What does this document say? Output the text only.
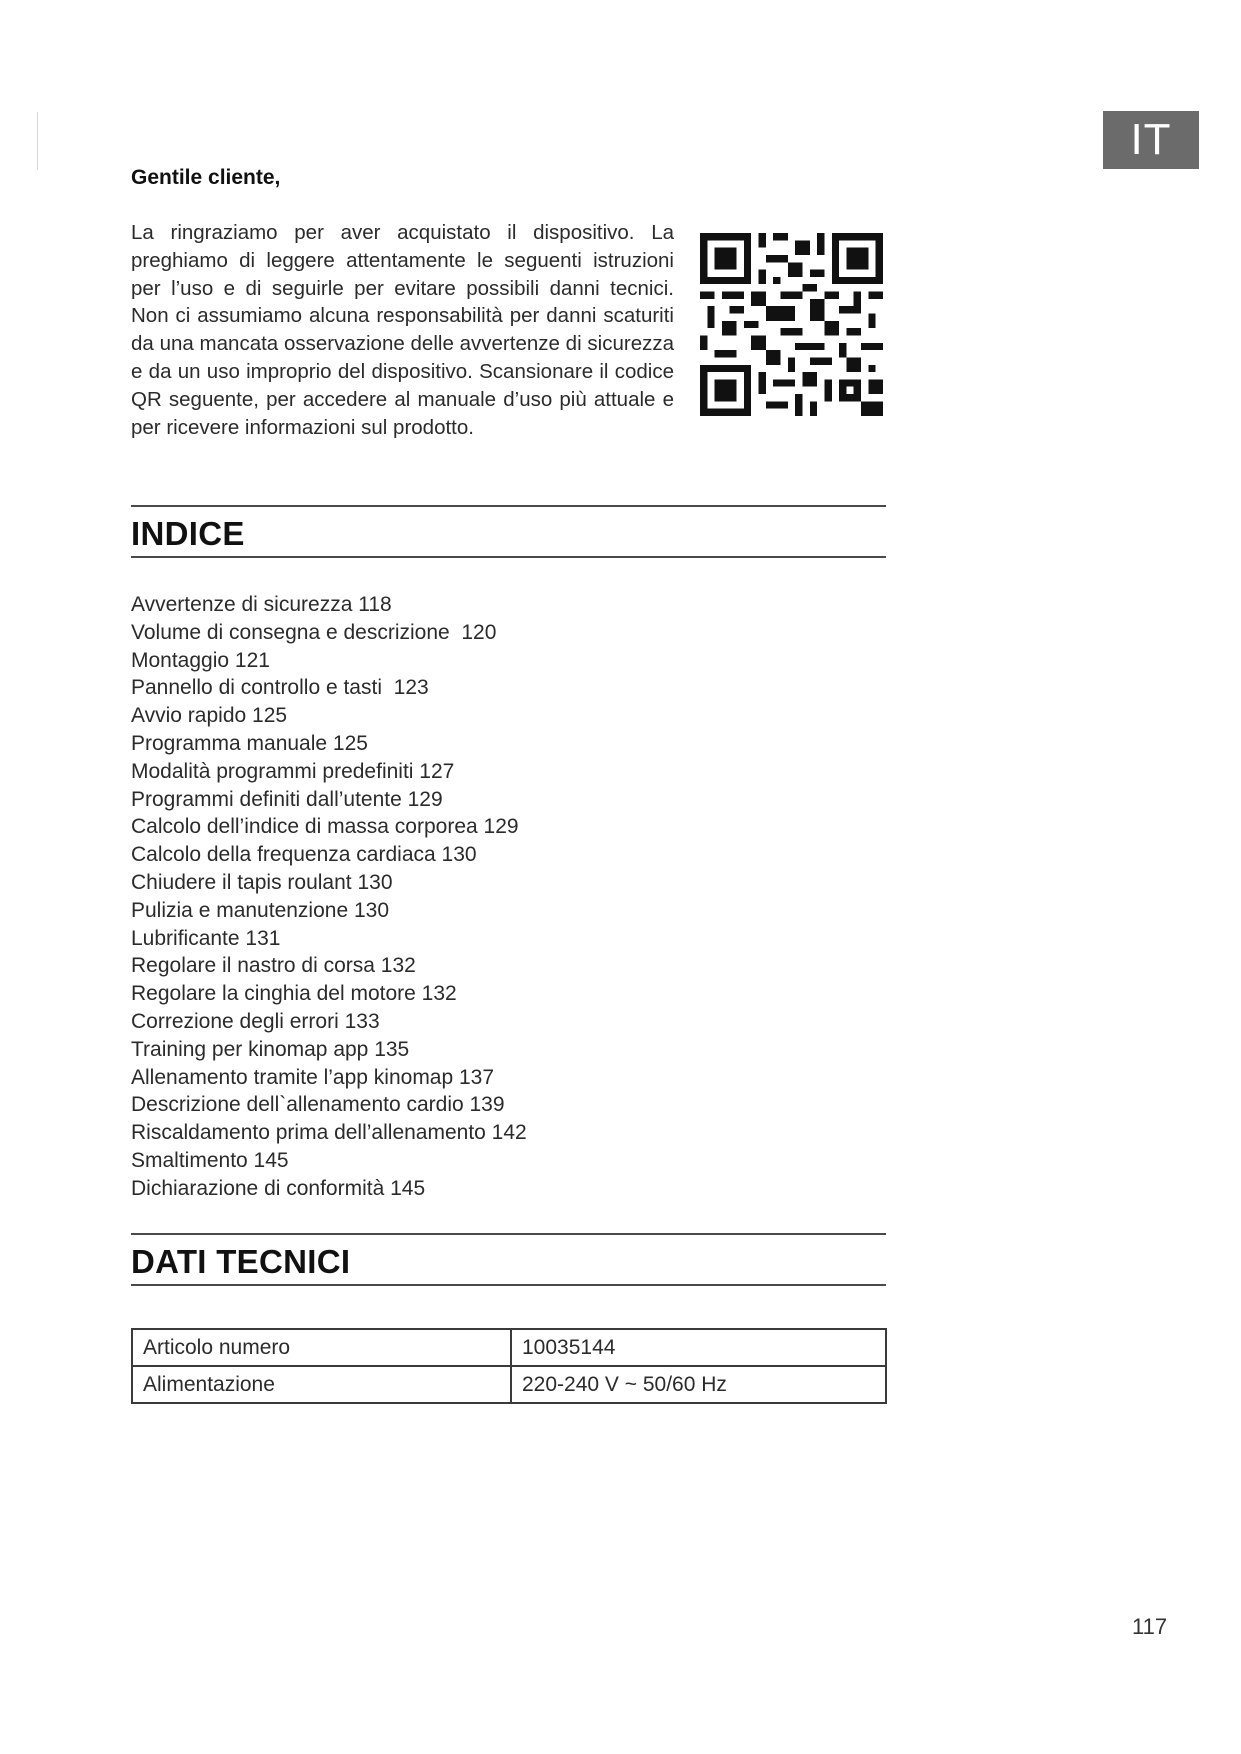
IT
Gentile cliente,

La ringraziamo per aver acquistato il dispositivo. La preghiamo di leggere attentamente le seguenti istruzioni per l’uso e di seguirle per evitare possibili danni tecnici. Non ci assumiamo alcuna responsabilità per danni scaturiti da una mancata osservazione delle avvertenze di sicurezza e da un uso improprio del dispositivo. Scansionare il codice QR seguente, per accedere al manuale d’uso più attuale e per ricevere informazioni sul prodotto.

INDICE
Avvertenze di sicurezza 118
Volume di consegna e descrizione  120
Montaggio 121
Pannello di controllo e tasti  123
Avvio rapido 125
Programma manuale 125
Modalità programmi predefiniti 127
Programmi definiti dall’utente 129
Calcolo dell’indice di massa corporea 129
Calcolo della frequenza cardiaca 130
Chiudere il tapis roulant 130
Pulizia e manutenzione 130
Lubrificante 131
Regolare il nastro di corsa 132
Regolare la cinghia del motore 132
Correzione degli errori 133
Training per kinomap app 135
Allenamento tramite l’app kinomap 137
Descrizione dell`allenamento cardio 139
Riscaldamento prima dell’allenamento 142
Smaltimento 145
Dichiarazione di conformità 145
DATI TECNICI
Articolo numero	10035144
Alimentazione	220-240 V ~ 50/60 Hz
117
